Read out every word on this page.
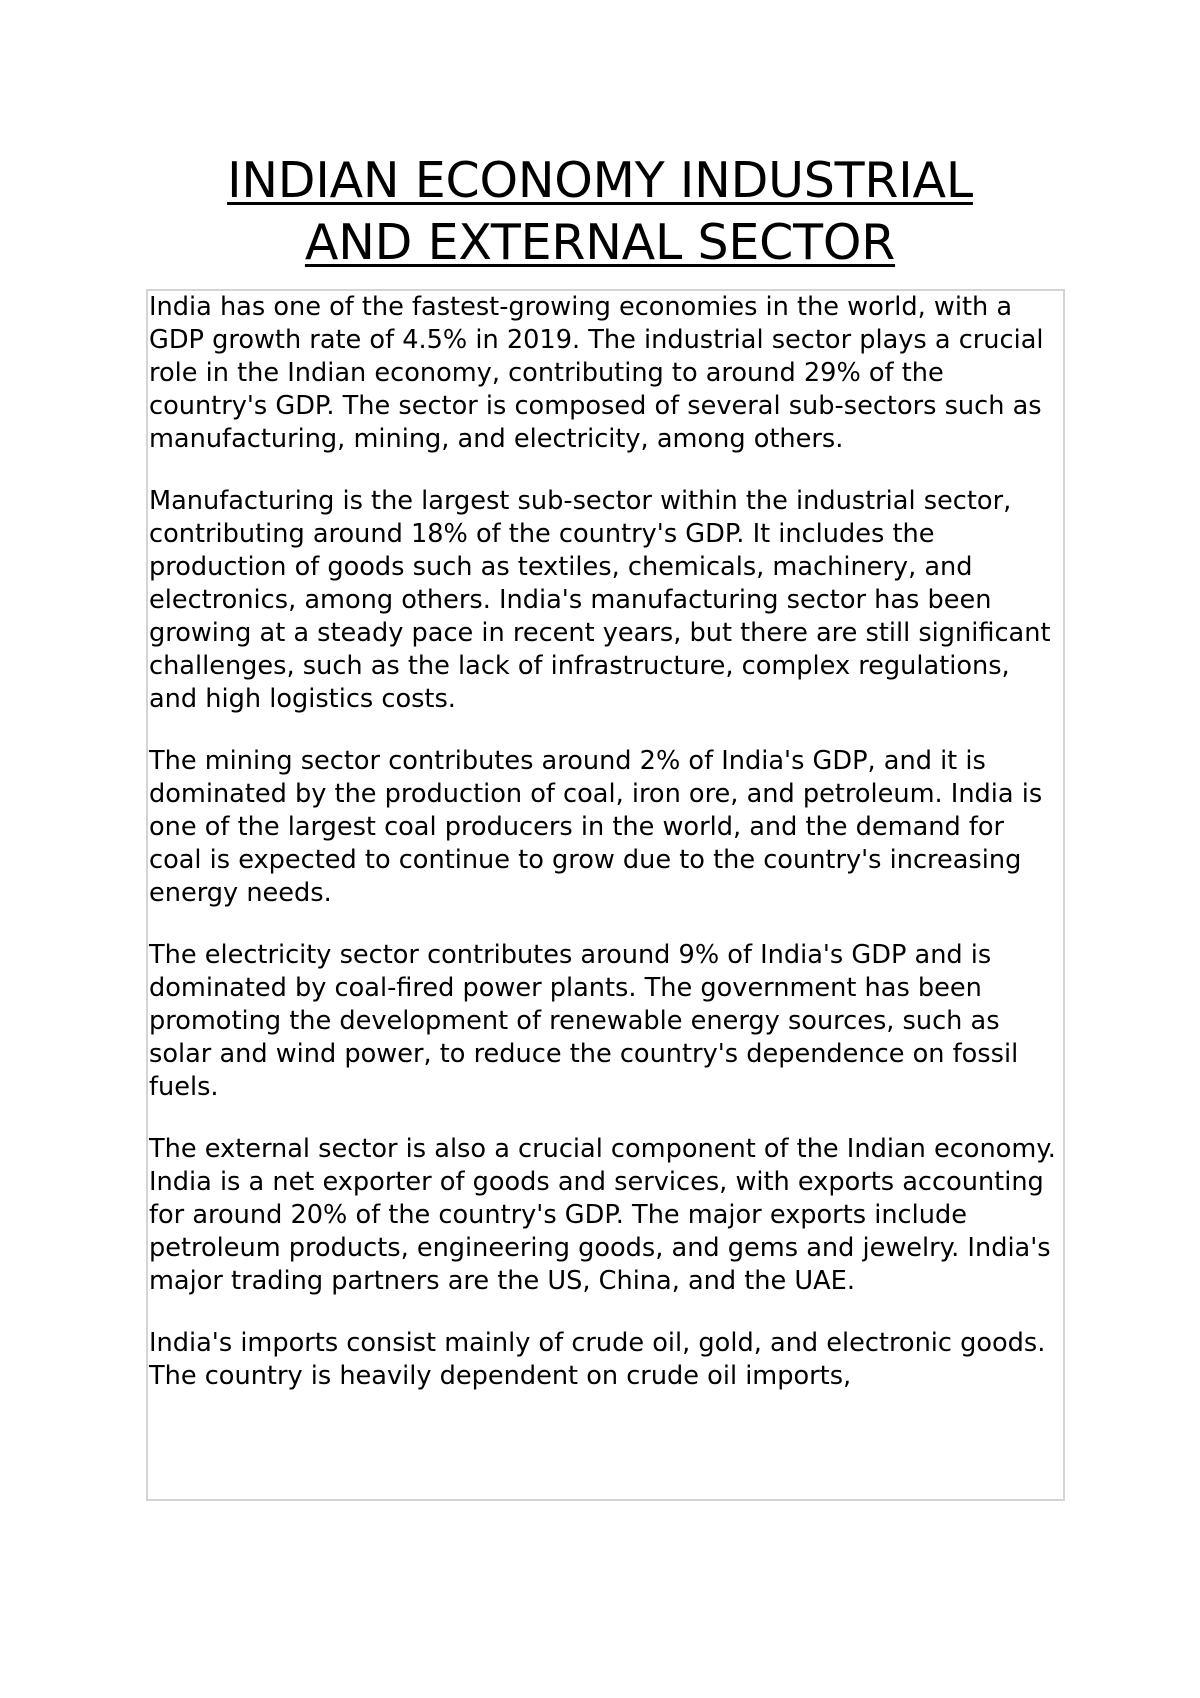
INDIAN ECONOMY INDUSTRIAL
AND EXTERNAL SECTOR

India has one of the fastest-growing economies in the world, with a GDP growth rate of 4.5% in 2019. The industrial sector plays a crucial role in the Indian economy, contributing to around 29% of the country's GDP. The sector is composed of several sub-sectors such as manufacturing, mining, and electricity, among others.

Manufacturing is the largest sub-sector within the industrial sector, contributing around 18% of the country's GDP. It includes the production of goods such as textiles, chemicals, machinery, and electronics, among others. India's manufacturing sector has been growing at a steady pace in recent years, but there are still significant challenges, such as the lack of infrastructure, complex regulations, and high logistics costs.

The mining sector contributes around 2% of India's GDP, and it is dominated by the production of coal, iron ore, and petroleum. India is one of the largest coal producers in the world, and the demand for coal is expected to continue to grow due to the country's increasing energy needs.

The electricity sector contributes around 9% of India's GDP and is dominated by coal-fired power plants. The government has been promoting the development of renewable energy sources, such as solar and wind power, to reduce the country's dependence on fossil fuels.

The external sector is also a crucial component of the Indian economy. India is a net exporter of goods and services, with exports accounting for around 20% of the country's GDP. The major exports include petroleum products, engineering goods, and gems and jewelry. India's major trading partners are the US, China, and the UAE.

India's imports consist mainly of crude oil, gold, and electronic goods. The country is heavily dependent on crude oil imports,
